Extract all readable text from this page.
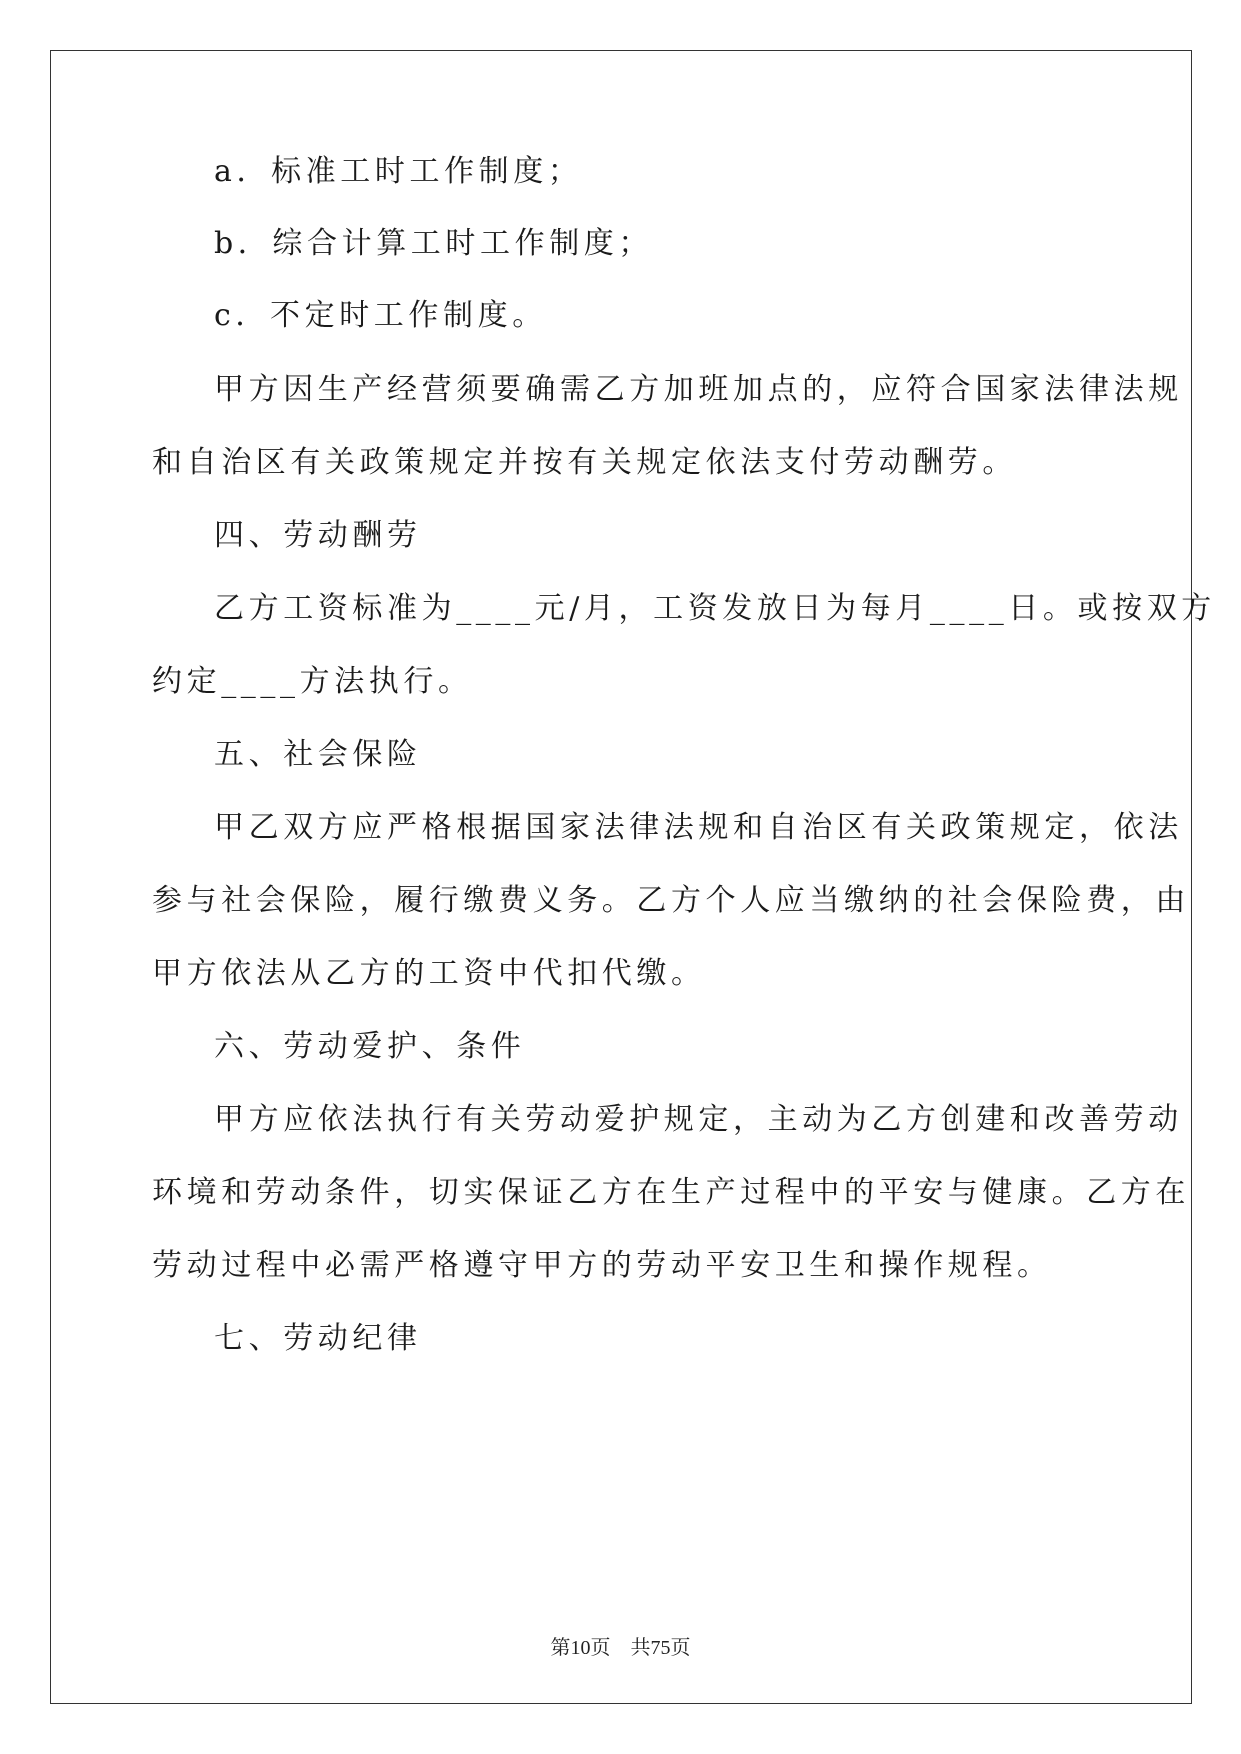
a．标准工时工作制度；
b．综合计算工时工作制度；
c．不定时工作制度。
甲方因生产经营须要确需乙方加班加点的，应符合国家法律法规
和自治区有关政策规定并按有关规定依法支付劳动酬劳。
四、劳动酬劳
乙方工资标准为____元/月，工资发放日为每月____日。或按双方
约定____方法执行。
五、社会保险
甲乙双方应严格根据国家法律法规和自治区有关政策规定，依法
参与社会保险，履行缴费义务。乙方个人应当缴纳的社会保险费，由
甲方依法从乙方的工资中代扣代缴。
六、劳动爱护、条件
甲方应依法执行有关劳动爱护规定，主动为乙方创建和改善劳动
环境和劳动条件，切实保证乙方在生产过程中的平安与健康。乙方在
劳动过程中必需严格遵守甲方的劳动平安卫生和操作规程。
七、劳动纪律
第10页 共75页
